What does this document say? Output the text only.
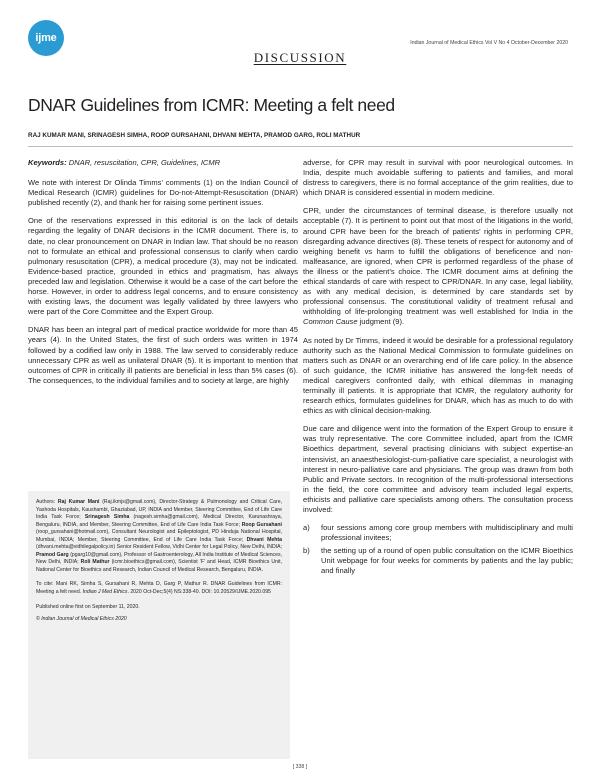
ijme	Indian Journal of Medical Ethics Vol V No 4 October-December 2020
DISCUSSION
DNAR Guidelines from ICMR: Meeting a felt need
RAJ KUMAR MANI, SRINAGESH SIMHA, ROOP GURSAHANI, DHVANI MEHTA, PRAMOD GARG, ROLI MATHUR

Keywords: DNAR, resuscitation, CPR, Guidelines, ICMR

We note with interest Dr Olinda Timms’ comments (1) on the Indian Council of Medical Research (ICMR) guidelines for Do-not-Attempt-Resuscitation (DNAR) published recently (2), and thank her for raising some pertinent issues.

One of the reservations expressed in this editorial is on the lack of details regarding the legality of DNAR decisions in the ICMR document. There is, to date, no clear pronouncement on DNAR in Indian law. That should be no reason not to formulate an ethical and professional consensus to clarify when cardio pulmonary resuscitation (CPR), a medical procedure (3), may not be indicated. Evidence-based practice, grounded in ethics and pragmatism, has always preceded law and legislation. Otherwise it would be a case of the cart before the horse. However, in order to address legal concerns, and to ensure consistency with existing laws, the document was legally validated by three lawyers who were part of the Core Committee and the Expert Group.

DNAR has been an integral part of medical practice worldwide for more than 45 years (4). In the United States, the first of such orders was written in 1974 followed by a codified law only in 1988. The law served to considerably reduce unnecessary CPR as well as unilateral DNAR (5). It is important to mention that outcomes of CPR in critically ill patients are beneficial in less than 5% cases (6). The consequences, to the individual families and to society at large, are highly

adverse, for CPR may result in survival with poor neurological outcomes. In India, despite much avoidable suffering to patients and families, and moral distress to caregivers, there is no formal acceptance of the grim realities, due to which DNAR is considered essential in modern medicine.

CPR, under the circumstances of terminal disease, is therefore usually not acceptable (7). It is pertinent to point out that most of the litigations in the world, around CPR have been for the breach of patients’ rights in performing CPR, disregarding advance directives (8). These tenets of respect for autonomy and of weighing benefit vs harm to fulfill the obligations of beneficence and non-malfeasance, are ignored, when CPR is performed regardless of the phase of the illness or the patient’s choice. The ICMR document aims at defining the ethical standards of care with respect to CPR/DNAR. In any case, legal liability, as with any medical decision, is determined by care standards set by professional consensus. The constitutional validity of treatment refusal and withholding of life-prolonging treatment was well established for India in the Common Cause judgment (9).

As noted by Dr Timms, indeed it would be desirable for a professional regulatory authority such as the National Medical Commission to formulate guidelines on matters such as DNAR or an overarching end of life care policy. In the absence of such guidance, the ICMR initiative has answered the long-felt needs of medical caregivers confronted daily, with ethical dilemmas in managing terminally ill patients. It is appropriate that ICMR, the regulatory authority for research ethics, formulates guidelines for DNAR, which has as much to do with ethics as with clinical decision-making.

Due care and diligence went into the formation of the Expert Group to ensure it was truly representative. The core Committee included, apart from the ICMR Bioethics department, several practising clinicians with subject expertise-an intensivist, an anaesthesiologist-cum-palliative care specialist, a neurologist with interest in neuro-palliative care and physicians. The group was drawn from both Public and Private sectors. In recognition of the multi-professional intersections in the field, the core committee and advisory team included legal experts, ethicists and palliative care specialists among others. The consultation process involved:

a)	four sessions among core group members with multidisciplinary and multi professional invitees;
b)	the setting up of a round of open public consultation on the ICMR Bioethics Unit webpage for four weeks for comments by patients and the lay public; and finally

Authors: Raj Kumar Mani (Raj.ikmjs@gmail.com), Director-Strategy & Pulmonology and Critical Care, Yashoda Hospitals, Kaushambi, Ghaziabad, UP, INDIA and Member, Steering Committee, End of Life Care India Task Force; Srinagesh Simha (nagesh.simha@gmail.com), Medical Director, Karunashraya, Bengaluru, INDIA, and Member, Steering Committee, End of Life Care India Task Force; Roop Gursahani (roop_gursahani@hotmail.com), Consultant Neurologist and Epileptologist, PD Hinduja National Hospital, Mumbai, INDIA; Member, Steering Committee, End of Life Care India Task Force; Dhvani Mehta (dhvani.mehta@vidhilegalpolicy.in) Senior Resident Fellow, Vidhi Center for Legal Policy, New Delhi, INDIA; Pramod Garg (pgarg10@gmail.com), Professor of Gastroenterology, All India Institute of Medical Sciences, New Delhi, INDIA; Roli Mathur (icmr.bioethics@gmail.com), Scientist ‘F’ and Head, ICMR Bioethics Unit, National Center for Bioethics and Research, Indian Council of Medical Research, Bengaluru, INDIA.

To cite: Mani RK, Simha S, Gursahani R, Mehta D, Garg P, Mathur R. DNAR Guidelines from ICMR: Meeting a felt need. Indian J Med Ethics. 2020 Oct-Dec;5(4) NS:338-40. DOI: 10.20529/IJME.2020.095

Published online first on September 11, 2020.

© Indian Journal of Medical Ethics 2020

[ 338 ]
